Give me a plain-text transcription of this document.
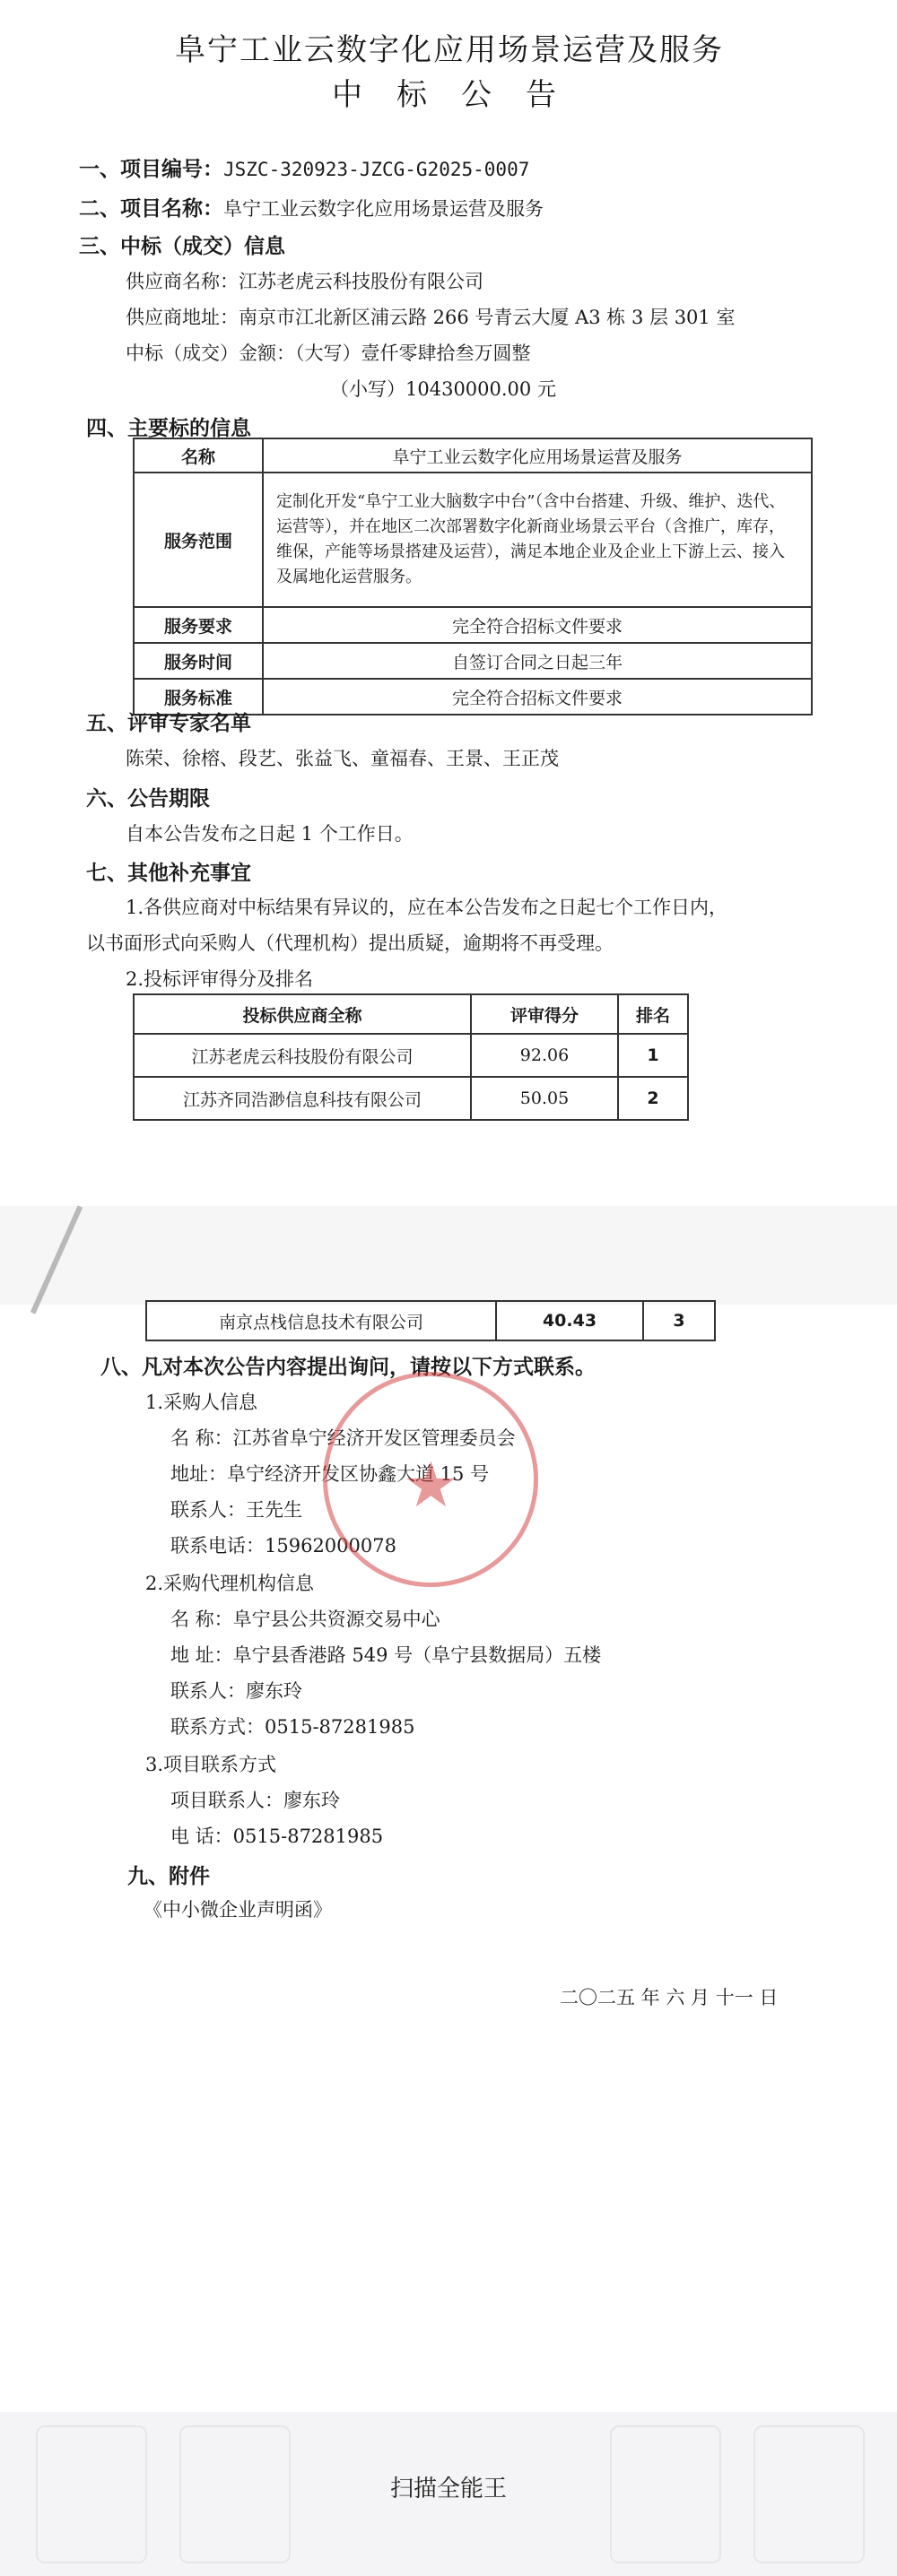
阜宁工业云数字化应用场景运营及服务
中标公告
一、项目编号：JSZC-320923-JZCG-G2025-0007
二、项目名称：阜宁工业云数字化应用场景运营及服务
三、中标（成交）信息
供应商名称：江苏老虎云科技股份有限公司
供应商地址：南京市江北新区浦云路 266 号青云大厦 A3 栋 3 层 301 室
中标（成交）金额：（大写）壹仟零肆拾叁万圆整
（小写）10430000.00 元
四、主要标的信息
名称	阜宁工业云数字化应用场景运营及服务
服务范围	定制化开发“阜宁工业大脑数字中台”（含中台搭建、升级、维护、迭代、运营等），并在地区二次部署数字化新商业场景云平台（含推广，库存，维保，产能等场景搭建及运营），满足本地企业及企业上下游上云、接入及属地化运营服务。
服务要求	完全符合招标文件要求
服务时间	自签订合同之日起三年
服务标准	完全符合招标文件要求
五、评审专家名单
陈荣、徐榕、段艺、张益飞、童福春、王景、王正茂
六、公告期限
自本公告发布之日起 1 个工作日。
七、其他补充事宜
1.各供应商对中标结果有异议的，应在本公告发布之日起七个工作日内，
以书面形式向采购人（代理机构）提出质疑，逾期将不再受理。
2.投标评审得分及排名
投标供应商全称	评审得分	排名
江苏老虎云科技股份有限公司	92.06	1
江苏齐同浩渺信息科技有限公司	50.05	2
南京点栈信息技术有限公司	40.43	3
八、凡对本次公告内容提出询问，请按以下方式联系。
1.采购人信息
名 称：江苏省阜宁经济开发区管理委员会
地址：阜宁经济开发区协鑫大道 15 号
联系人：王先生
联系电话：15962000078
★
2.采购代理机构信息
名 称：阜宁县公共资源交易中心
地 址：阜宁县香港路 549 号（阜宁县数据局）五楼
联系人：廖东玲
联系方式：0515-87281985
3.项目联系方式
项目联系人：廖东玲
电 话：0515-87281985
九、附件
《中小微企业声明函》
二〇二五 年 六 月 十一 日
扫描全能王
